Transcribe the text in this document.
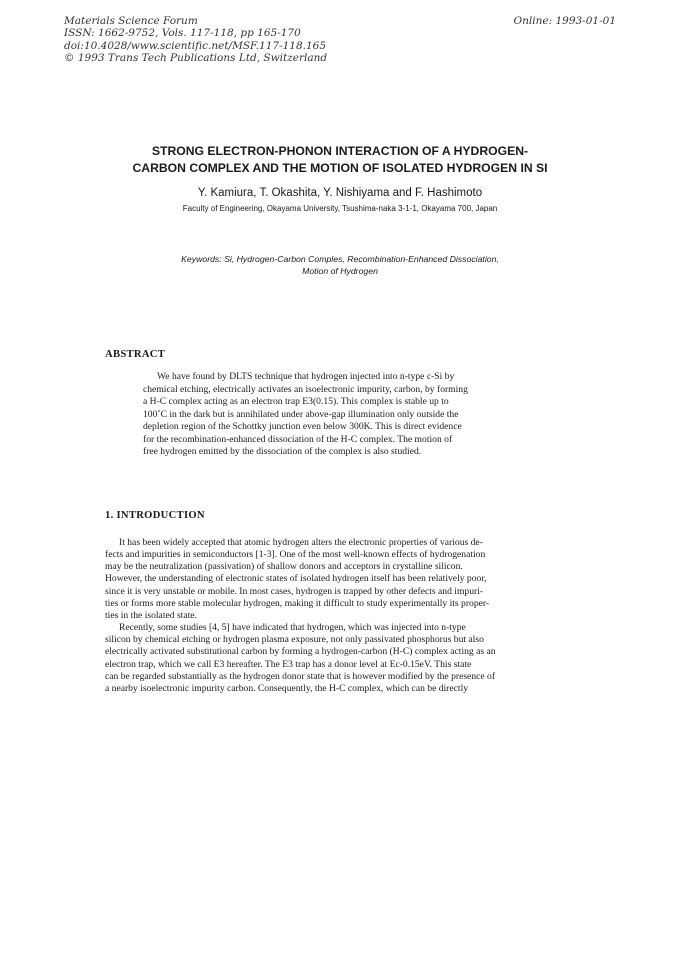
Materials Science Forum
ISSN: 1662-9752, Vols. 117-118, pp 165-170
doi:10.4028/www.scientific.net/MSF.117-118.165
© 1993 Trans Tech Publications Ltd, Switzerland
Online: 1993-01-01
STRONG ELECTRON-PHONON INTERACTION OF A HYDROGEN-
CARBON COMPLEX AND THE MOTION OF ISOLATED HYDROGEN IN SI
Y. Kamiura, T. Okashita, Y. Nishiyama and F. Hashimoto
Faculty of Engineering, Okayama University, Tsushima-naka 3-1-1, Okayama 700, Japan
Keywords: Si, Hydrogen-Carbon Comples, Recombination-Enhanced Dissociation,
Motion of Hydrogen
ABSTRACT
We have found by DLTS technique that hydrogen injected into n-type c-Si by
chemical etching, electrically activates an isoelectronic impurity, carbon, by forming
a H-C complex acting as an electron trap E3(0.15). This complex is stable up to
100˚C in the dark but is annihilated under above-gap illumination only outside the
depletion region of the Schottky junction even below 300K. This is direct evidence
for the recombination-enhanced dissociation of the H-C complex. The motion of
free hydrogen emitted by the dissociation of the complex is also studied.
1. INTRODUCTION
It has been widely accepted that atomic hydrogen alters the electronic properties of various de-
fects and impurities in semiconductors [1-3]. One of the most well-known effects of hydrogenation
may be the neutralization (passivation) of shallow donors and acceptors in crystalline silicon.
However, the understanding of electronic states of isolated hydrogen itself has been relatively poor,
since it is very unstable or mobile. In most cases, hydrogen is trapped by other defects and impuri-
ties or forms more stable molecular hydrogen, making it difficult to study experimentally its proper-
ties in the isolated state.
Recently, some studies [4, 5] have indicated that hydrogen, which was injected into n-type
silicon by chemical etching or hydrogen plasma exposure, not only passivated phosphorus but also
electrically activated substitutional carbon by forming a hydrogen-carbon (H-C) complex acting as an
electron trap, which we call E3 hereafter. The E3 trap has a donor level at Ec-0.15eV. This state
can be regarded substantially as the hydrogen donor state that is however modified by the presence of
a nearby isoelectronic impurity carbon. Consequently, the H-C complex, which can be directly
